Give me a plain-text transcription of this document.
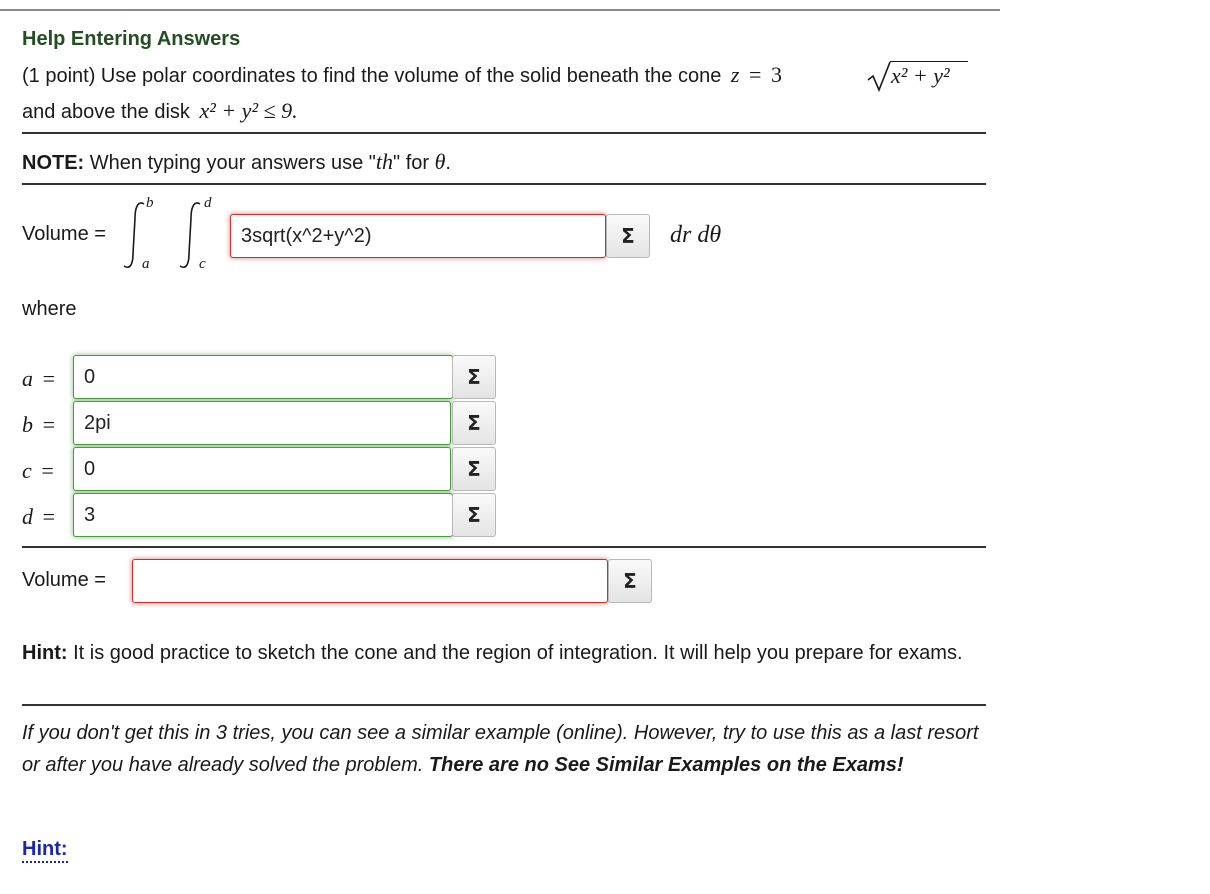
Help Entering Answers
(1 point) Use polar coordinates to find the volume of the solid beneath the cone z = 3	x² + y²
and above the disk x² + y² ≤ 9.
NOTE: When typing your answers use "th" for θ.
Volume =
b
a
d
c
3sqrt(x^2+y^2)	Σ dr dθ
where
a = 0	Σ
b = 2pi	Σ
c = 0	Σ
d = 3	Σ
Volume =	Σ
Hint: It is good practice to sketch the cone and the region of integration. It will help you prepare for exams.
If you don't get this in 3 tries, you can see a similar example (online). However, try to use this as a last resort or after you have already solved the problem. There are no See Similar Examples on the Exams!
Hint:
